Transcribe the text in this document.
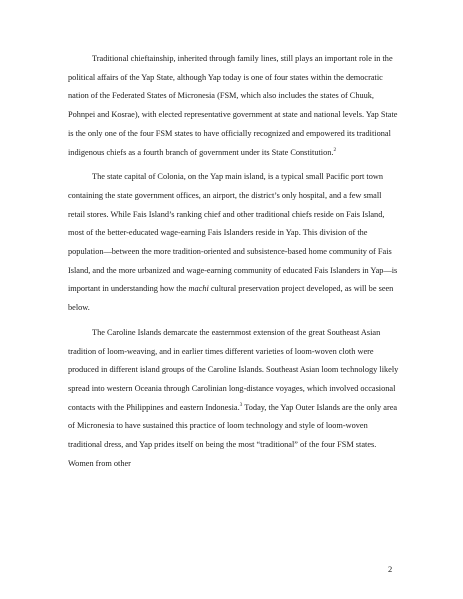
Traditional chieftainship, inherited through family lines, still plays an important role in the political affairs of the Yap State, although Yap today is one of four states within the democratic nation of the Federated States of Micronesia (FSM, which also includes the states of Chuuk, Pohnpei and Kosrae), with elected representative government at state and national levels. Yap State is the only one of the four FSM states to have officially recognized and empowered its traditional indigenous chiefs as a fourth branch of government under its State Constitution.$^2$

The state capital of Colonia, on the Yap main island, is a typical small Pacific port town containing the state government offices, an airport, the district’s only hospital, and a few small retail stores. While Fais Island’s ranking chief and other traditional chiefs reside on Fais Island, most of the better-educated wage-earning Fais Islanders reside in Yap. This division of the population—between the more tradition-oriented and subsistence-based home community of Fais Island, and the more urbanized and wage-earning community of educated Fais Islanders in Yap—is important in understanding how the machi cultural preservation project developed, as will be seen below.

The Caroline Islands demarcate the easternmost extension of the great Southeast Asian tradition of loom-weaving, and in earlier times different varieties of loom-woven cloth were produced in different island groups of the Caroline Islands. Southeast Asian loom technology likely spread into western Oceania through Carolinian long-distance voyages, which involved occasional contacts with the Philippines and eastern Indonesia.$^3$ Today, the Yap Outer Islands are the only area of Micronesia to have sustained this practice of loom technology and style of loom-woven traditional dress, and Yap prides itself on being the most “traditional” of the four FSM states. Women from other

2
